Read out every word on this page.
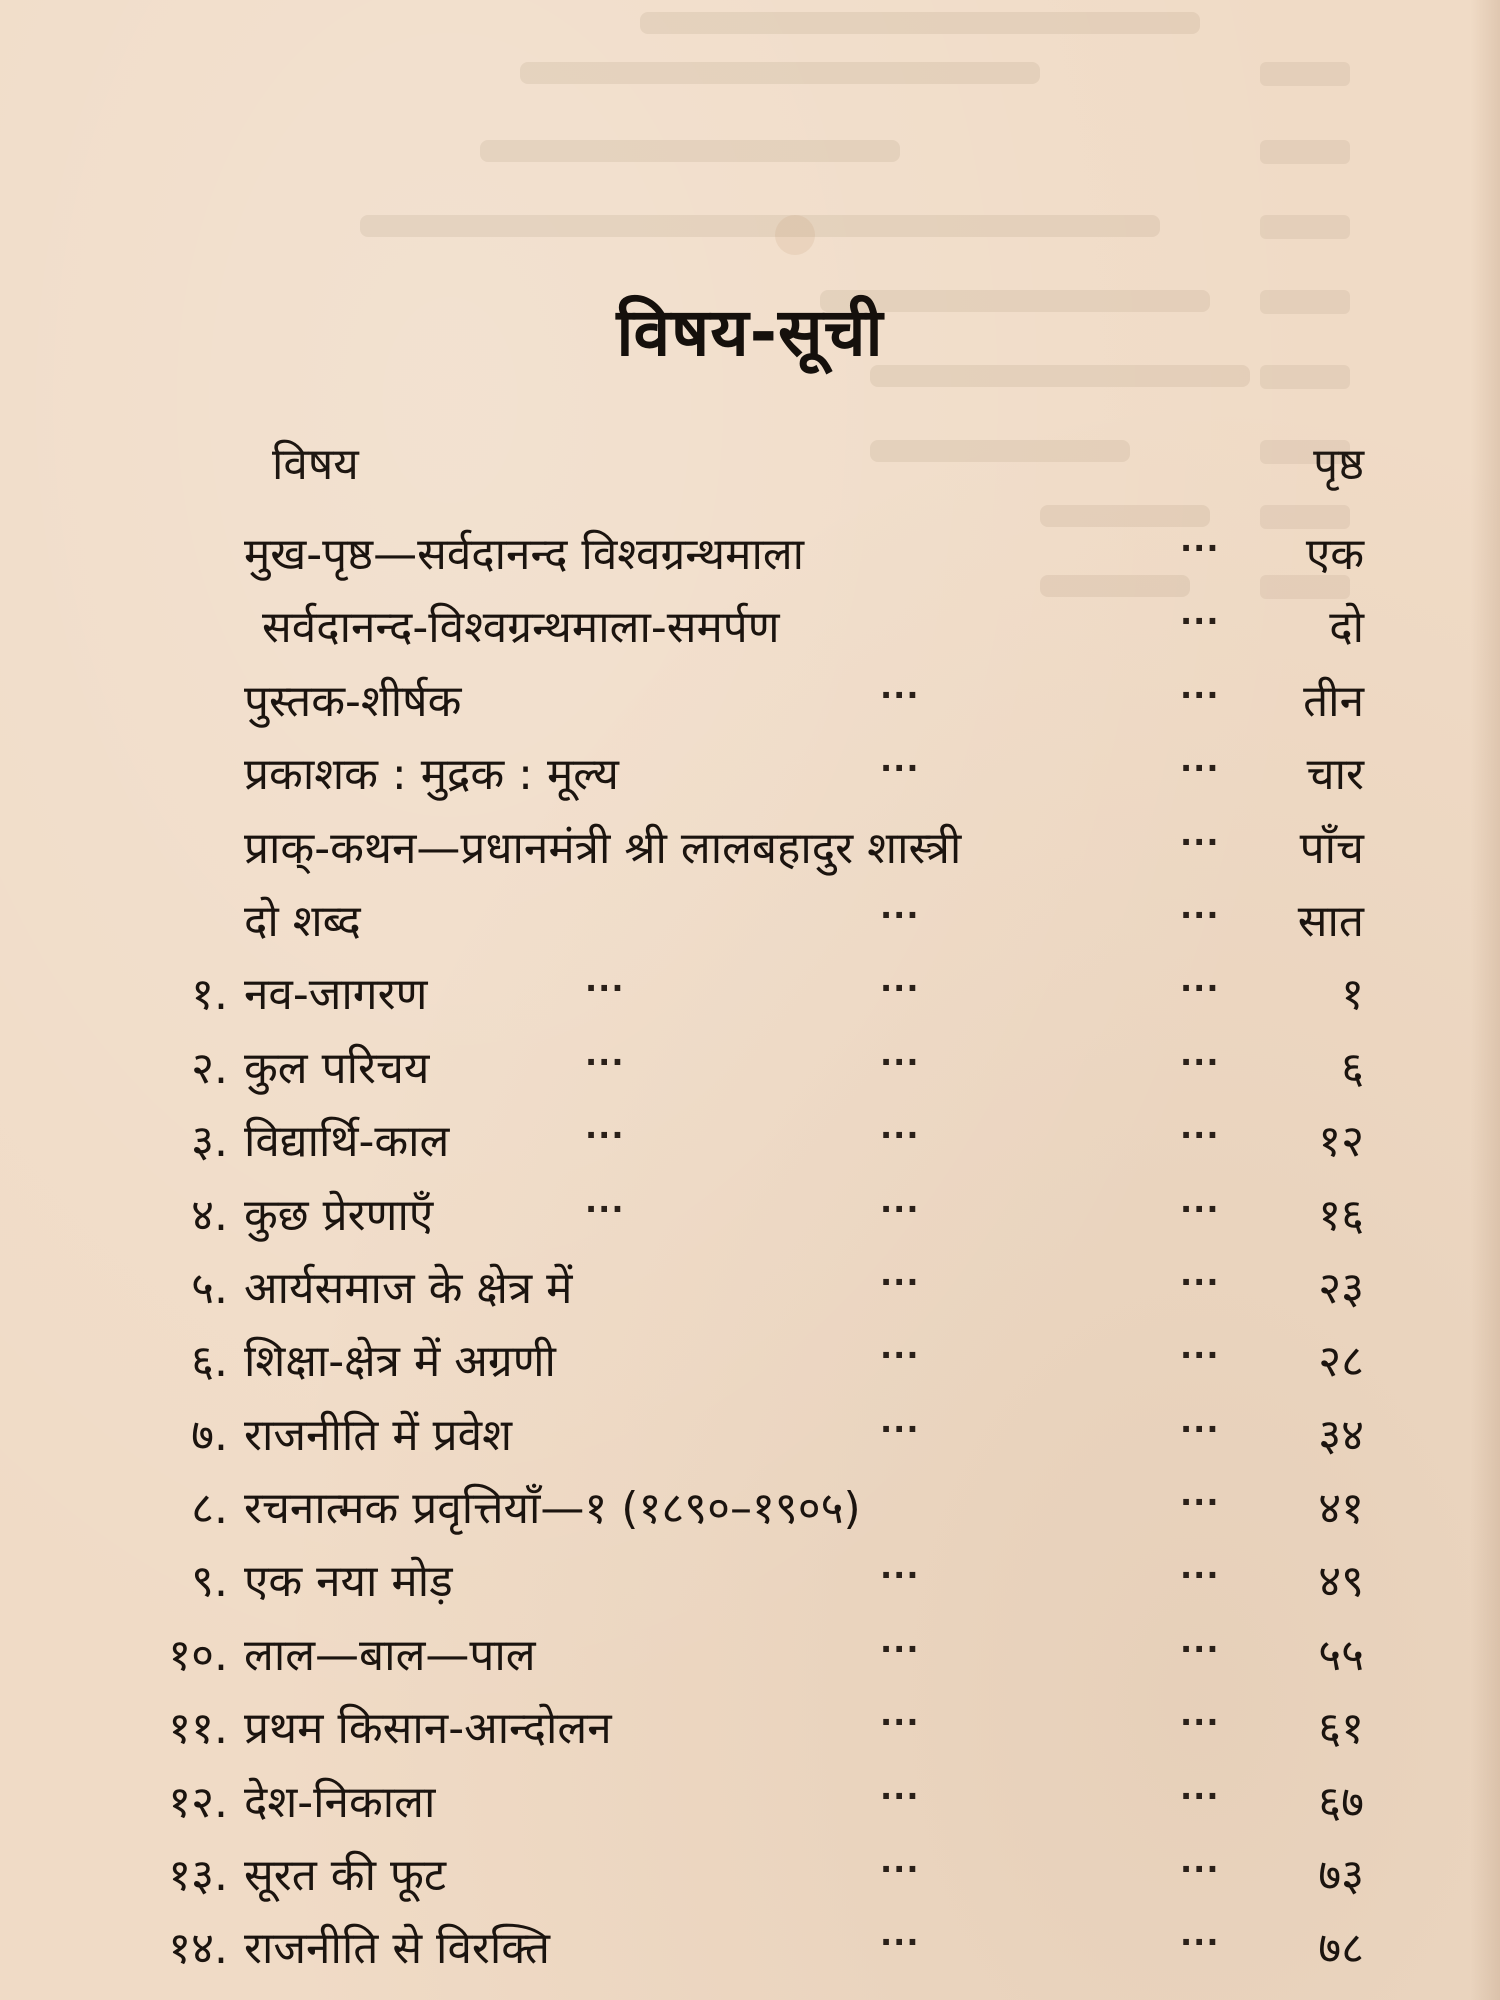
विषय-सूची
विषय	पृष्ठ
मुख-पृष्ठ—सर्वदानन्द विश्वग्रन्थमाला	··· एक
सर्वदानन्द-विश्वग्रन्थमाला-समर्पण	··· दो
पुस्तक-शीर्षक	···	··· तीन
प्रकाशक : मुद्रक : मूल्य	···	··· चार
प्राक्-कथन—प्रधानमंत्री श्री लालबहादुर शास्त्री	··· पाँच
दो शब्द	···	··· सात
१. नव-जागरण	···	···	···	१
२. कुल परिचय	···	···	···	६
३. विद्यार्थि-काल	···	···	··· १२
४. कुछ प्रेरणाएँ	···	···	··· १६
५. आर्यसमाज के क्षेत्र में	···	··· २३
६. शिक्षा-क्षेत्र में अग्रणी	···	··· २८
७. राजनीति में प्रवेश	···	··· ३४
८. रचनात्मक प्रवृत्तियाँ—१ (१८९०–१९०५)	··· ४१
९. एक नया मोड़	···	··· ४९
१०. लाल—बाल—पाल	···	··· ५५
११. प्रथम किसान-आन्दोलन	···	··· ६१
१२. देश-निकाला	···	··· ६७
१३. सूरत की फूट	···	··· ७३
१४. राजनीति से विरक्ति	···	··· ७८
